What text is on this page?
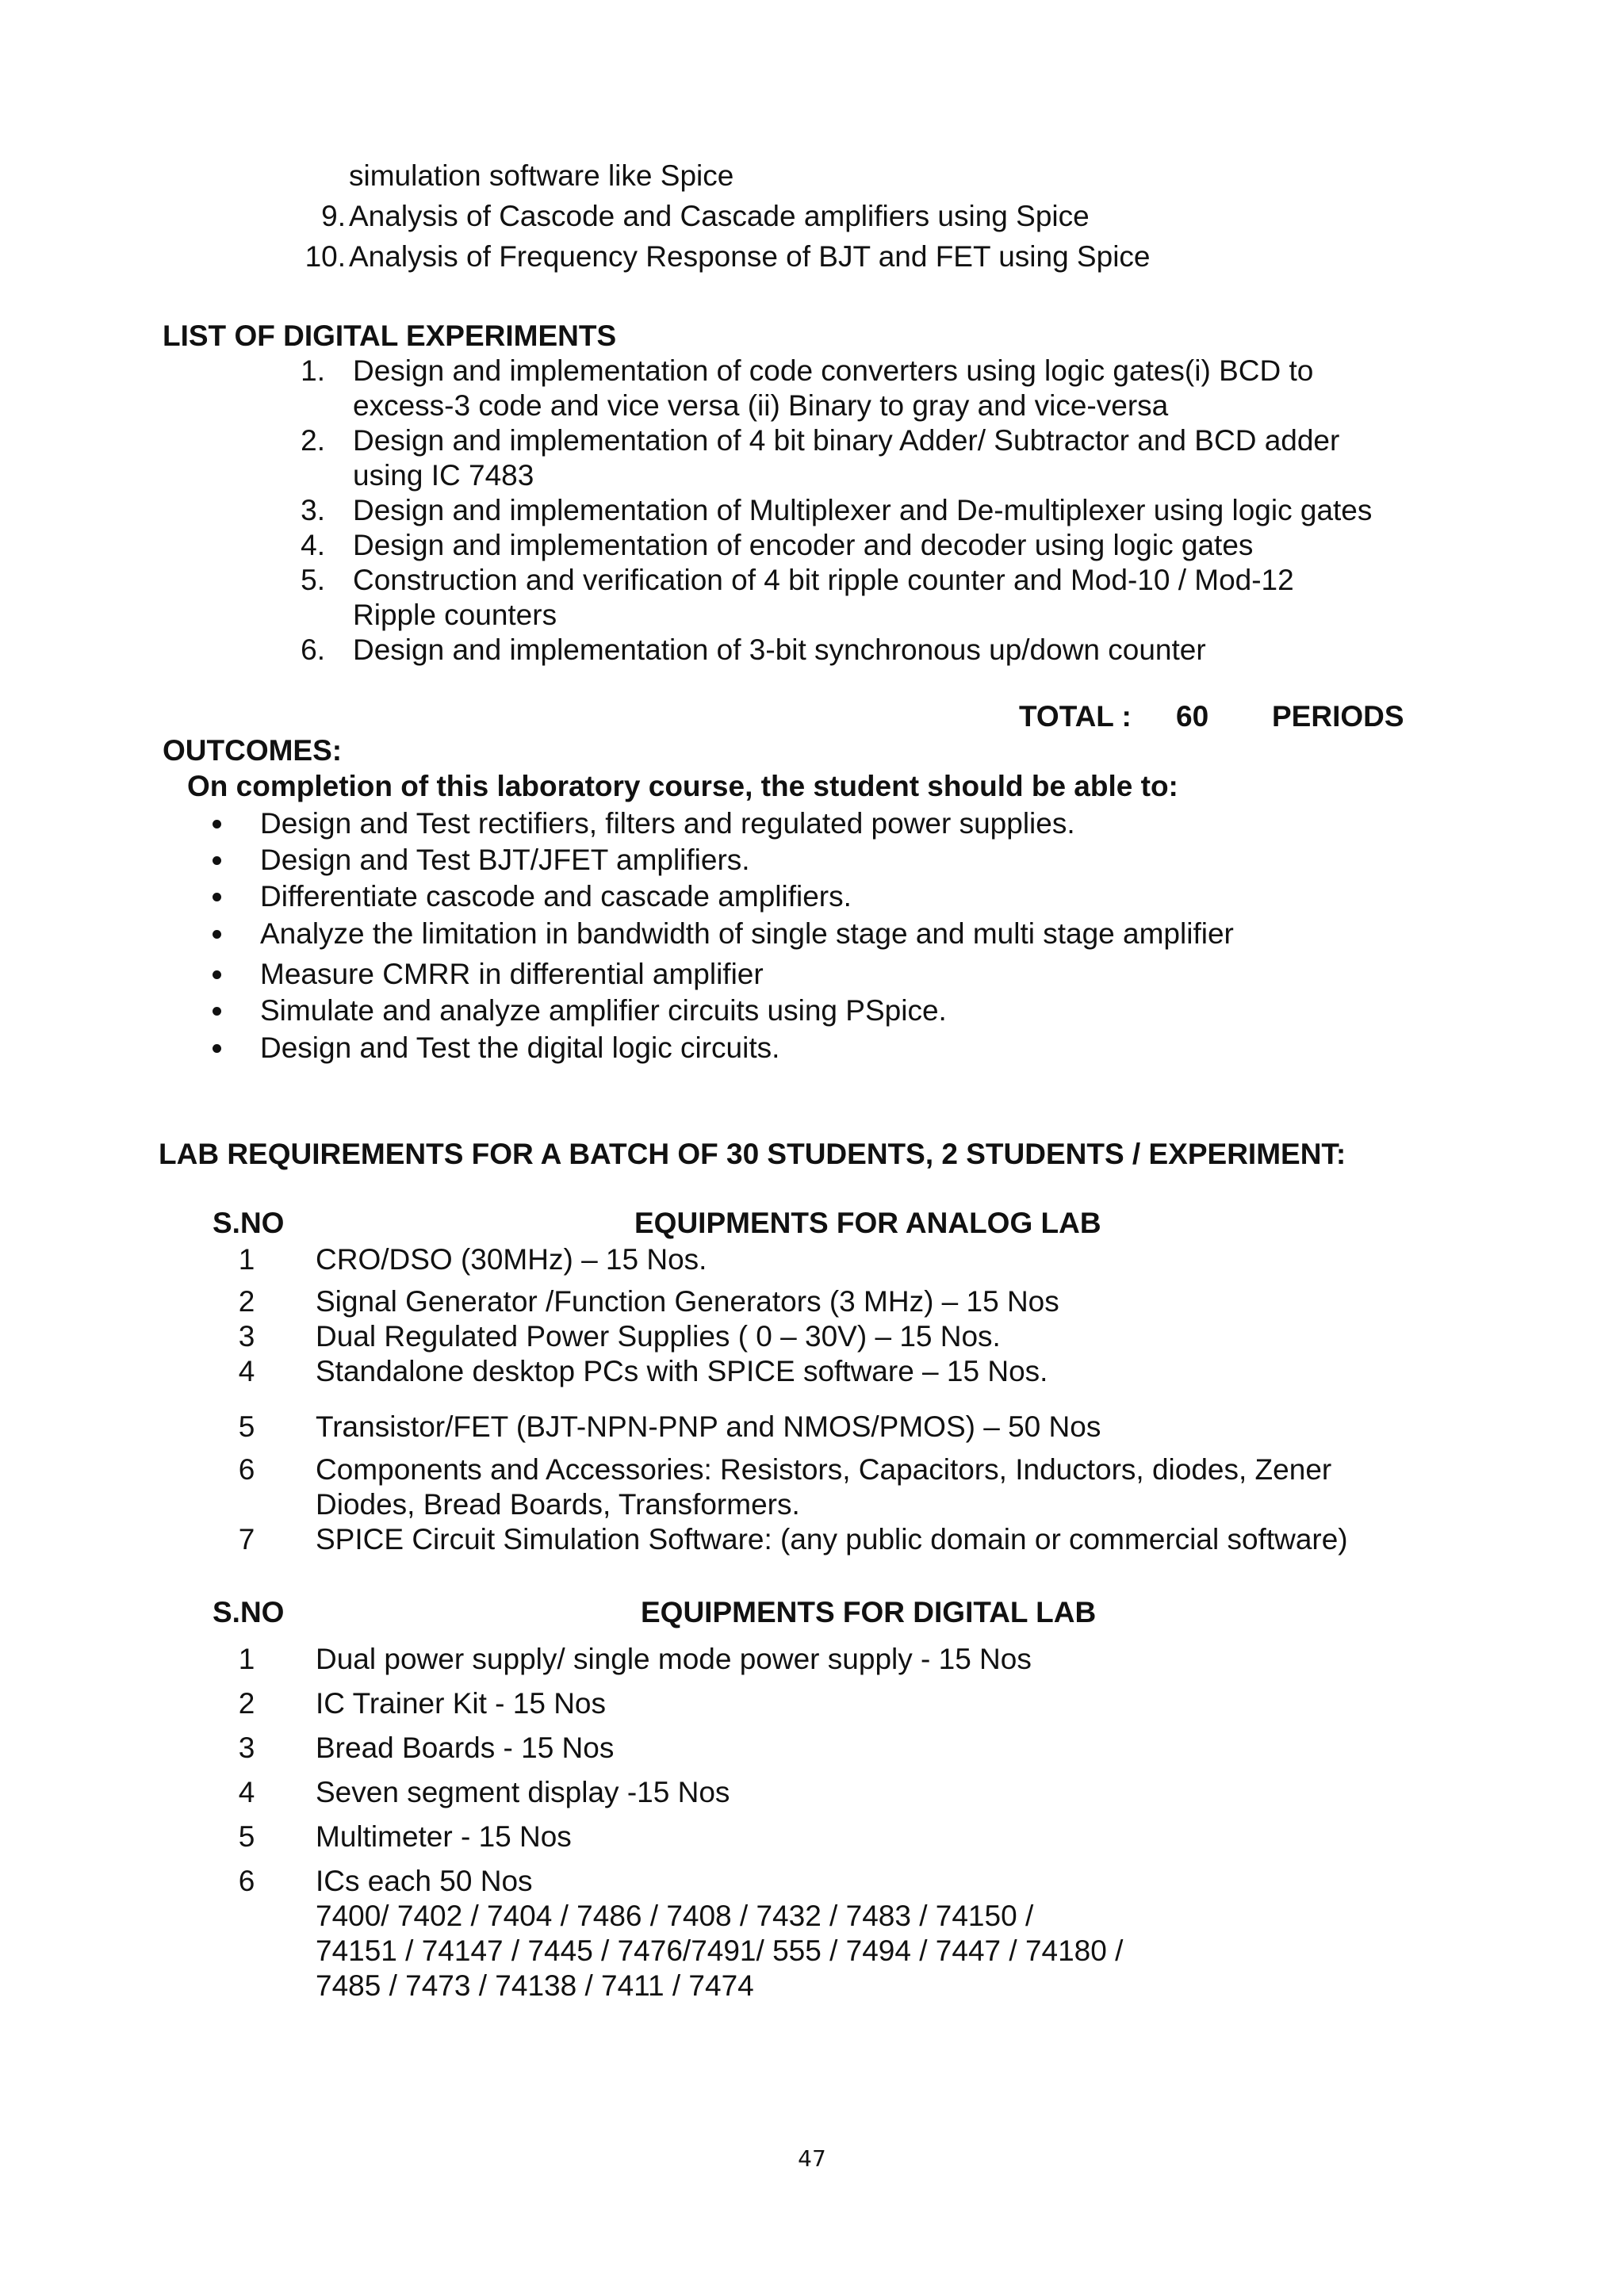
simulation software like Spice
9. Analysis of Cascode and Cascade amplifiers using Spice
10. Analysis of Frequency Response of BJT and FET using Spice
LIST OF DIGITAL EXPERIMENTS
1. Design and implementation of code converters using logic gates(i) BCD to
excess-3 code and vice versa (ii) Binary to gray and vice-versa
2. Design and implementation of 4 bit binary Adder/ Subtractor and BCD adder
using IC 7483
3. Design and implementation of Multiplexer and De-multiplexer using logic gates
4. Design and implementation of encoder and decoder using logic gates
5. Construction and verification of 4 bit ripple counter and Mod-10 / Mod-12
Ripple counters
6. Design and implementation of 3-bit synchronous up/down counter
TOTAL : 60 PERIODS
OUTCOMES:
On completion of this laboratory course, the student should be able to:
Design and Test rectifiers, filters and regulated power supplies.
Design and Test BJT/JFET amplifiers.
Differentiate cascode and cascade amplifiers.
Analyze the limitation in bandwidth of single stage and multi stage amplifier
Measure CMRR in differential amplifier
Simulate and analyze amplifier circuits using PSpice.
Design and Test the digital logic circuits.
LAB REQUIREMENTS FOR A BATCH OF 30 STUDENTS, 2 STUDENTS / EXPERIMENT:
S.NO	EQUIPMENTS FOR ANALOG LAB
1 CRO/DSO (30MHz) – 15 Nos.
2 Signal Generator /Function Generators (3 MHz) – 15 Nos
3 Dual Regulated Power Supplies ( 0 – 30V) – 15 Nos.
4 Standalone desktop PCs with SPICE software – 15 Nos.
5 Transistor/FET (BJT-NPN-PNP and NMOS/PMOS) – 50 Nos
6 Components and Accessories: Resistors, Capacitors, Inductors, diodes, Zener
Diodes, Bread Boards, Transformers.
7 SPICE Circuit Simulation Software: (any public domain or commercial software)
S.NO	EQUIPMENTS FOR DIGITAL LAB
1 Dual power supply/ single mode power supply - 15 Nos
2 IC Trainer Kit - 15 Nos
3 Bread Boards - 15 Nos
4 Seven segment display -15 Nos
5 Multimeter - 15 Nos
6 ICs each 50 Nos
7400/ 7402 / 7404 / 7486 / 7408 / 7432 / 7483 / 74150 /
74151 / 74147 / 7445 / 7476/7491/ 555 / 7494 / 7447 / 74180 /
7485 / 7473 / 74138 / 7411 / 7474
47
